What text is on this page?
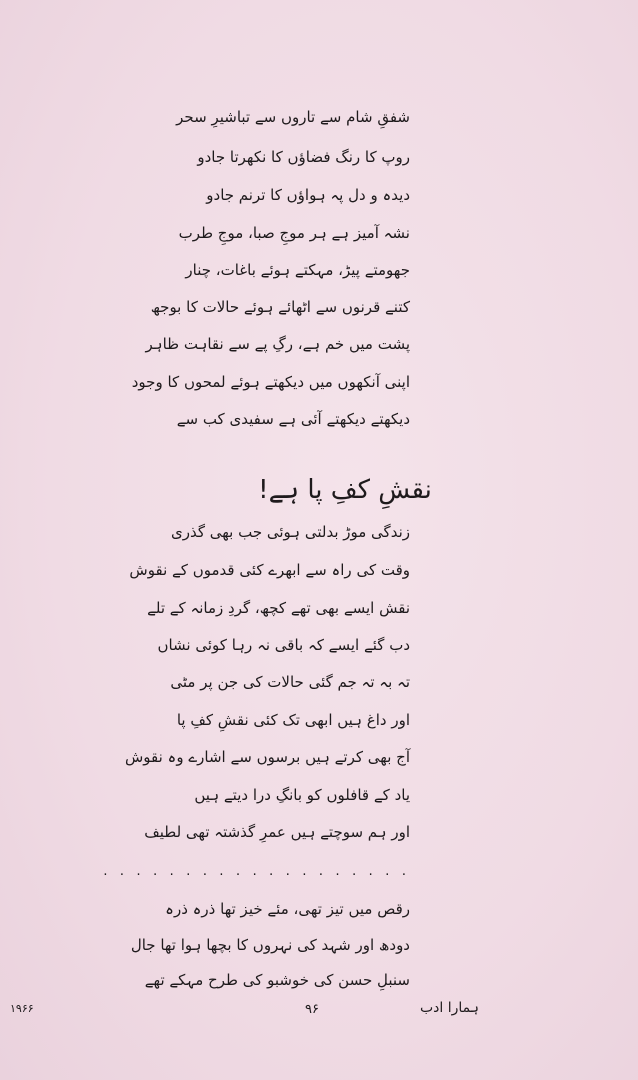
شفقِ شام سے تاروں سے تباشیرِ سحر
روپ کا رنگ فضاؤں کا نکھرتا جادو
دیدہ و دل پہ ہواؤں کا ترنم جادو
نشہ آمیز ہے ہر موجِ صبا، موجِ طرب
جھومتے پیڑ، مہکتے ہوئے باغات، چنار
کتنے قرنوں سے اٹھائے ہوئے حالات کا بوجھ
پشت میں خم ہے، رگِ پے سے نقاہت ظاہر
اپنی آنکھوں میں دیکھتے ہوئے لمحوں کا وجود
دیکھتے دیکھتے آئی ہے سفیدی کب سے
نقشِ کفِ پا ہے!
زندگی موڑ بدلتی ہوئی جب بھی گذری
وقت کی راہ سے ابھرے کئی قدموں کے نقوش
نقش ایسے بھی تھے کچھ، گردِ زمانہ کے تلے
دب گئے ایسے کہ باقی نہ رہا کوئی نشاں
تہ بہ تہ جم گئی حالات کی جن پر مٹی
اور داغ ہیں ابھی تک کئی نقشِ کفِ پا
آج بھی کرتے ہیں برسوں سے اشارے وہ نقوش
یاد کے قافلوں کو بانگِ درا دیتے ہیں
اور ہم سوچتے ہیں عمرِ گذشتہ تھی لطیف
. . . . . . . . . . . . . . . . . . .
رقص میں تیز تھی، مئے خیز تھا ذرہ ذرہ
دودھ اور شہد کی نہروں کا بچھا ہوا تھا جال
سنبلِ حسن کی خوشبو کی طرح مہکے تھے
۱۹۶۶	۹۶	ہمارا ادب
